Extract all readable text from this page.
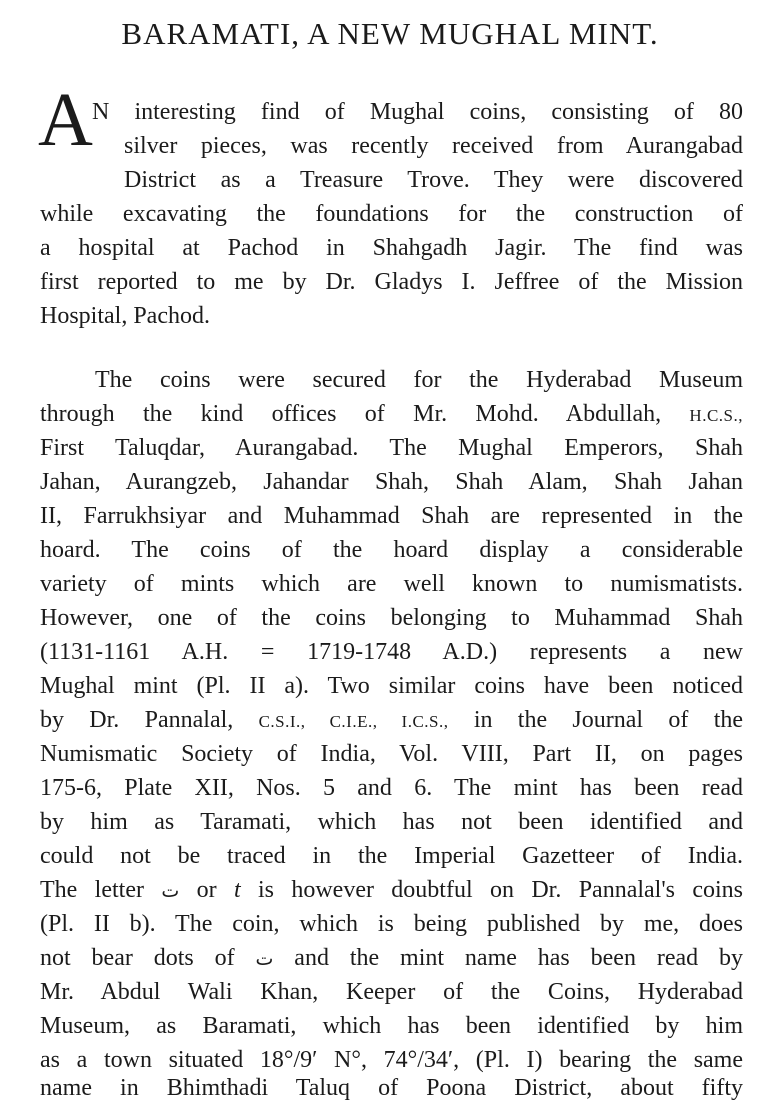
BARAMATI, A NEW MUGHAL MINT.
A N interesting find of Mughal coins, consisting of 80
silver pieces, was recently received from Aurangabad
District as a Treasure Trove. They were discovered
while excavating the foundations for the construction of
a hospital at Pachod in Shahgadh Jagir. The find was
first reported to me by Dr. Gladys I. Jeffree of the Mission
Hospital, Pachod.
The coins were secured for the Hyderabad Museum
through the kind offices of Mr. Mohd. Abdullah, H.C.S.,
First Taluqdar, Aurangabad. The Mughal Emperors, Shah
Jahan, Aurangzeb, Jahandar Shah, Shah Alam, Shah Jahan
II, Farrukhsiyar and Muhammad Shah are represented in the
hoard. The coins of the hoard display a considerable
variety of mints which are well known to numismatists.
However, one of the coins belonging to Muhammad Shah
(1131-1161 A.H. = 1719-1748 A.D.) represents a new
Mughal mint (Pl. II a). Two similar coins have been noticed
by Dr. Pannalal, C.S.I., C.I.E., I.C.S., in the Journal of the
Numismatic Society of India, Vol. VIII, Part II, on pages
175-6, Plate XII, Nos. 5 and 6. The mint has been read
by him as Taramati, which has not been identified and
could not be traced in the Imperial Gazetteer of India.
The letter ت or t is however doubtful on Dr. Pannalal's coins
(Pl. II b). The coin, which is being published by me, does
not bear dots of ت and the mint name has been read by
Mr. Abdul Wali Khan, Keeper of the Coins, Hyderabad
Museum, as Baramati, which has been identified by him
as a town situated 18°/9′ N°, 74°/34′, (Pl. I) bearing the same
name in Bhimthadi Taluq of Poona District, about fifty
